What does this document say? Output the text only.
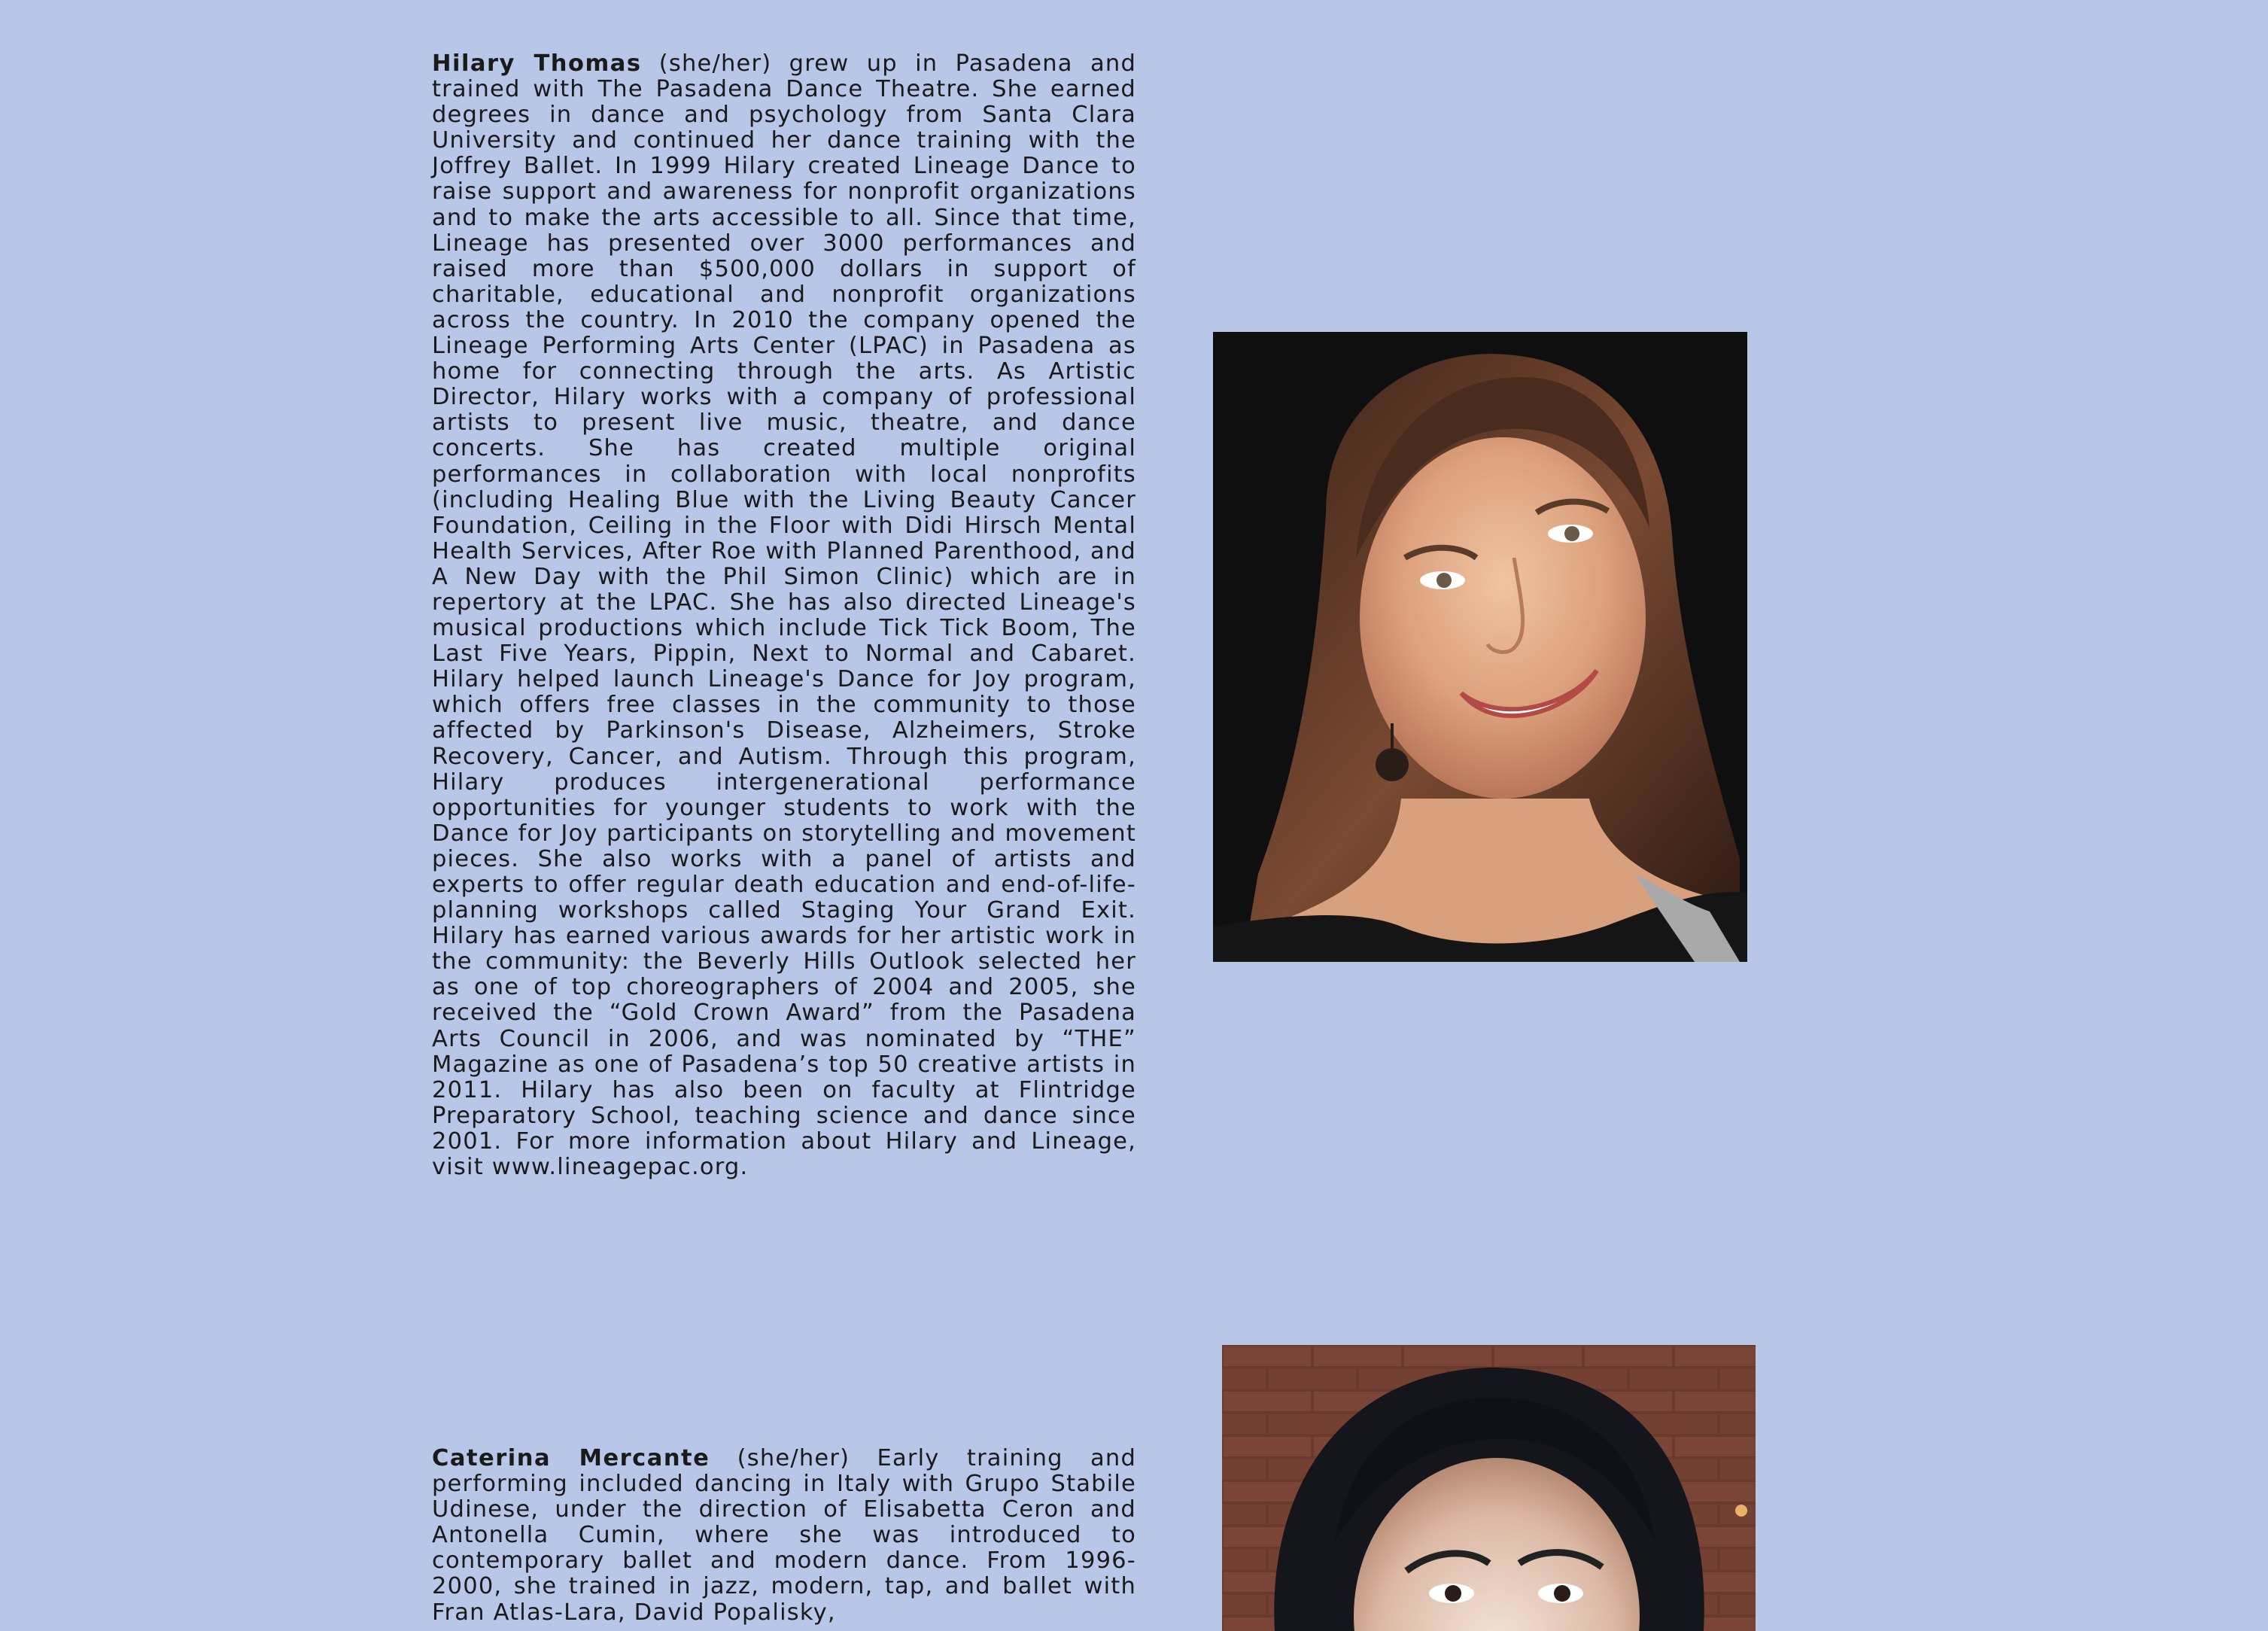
Hilary Thomas (she/her) grew up in Pasadena and trained with The Pasadena Dance Theatre. She earned degrees in dance and psychology from Santa Clara University and continued her dance training with the Joffrey Ballet. In 1999 Hilary created Lineage Dance to raise support and awareness for nonprofit organizations and to make the arts accessible to all. Since that time, Lineage has presented over 3000 performances and raised more than $500,000 dollars in support of charitable, educational and nonprofit organizations across the country. In 2010 the company opened the Lineage Performing Arts Center (LPAC) in Pasadena as home for connecting through the arts. As Artistic Director, Hilary works with a company of professional artists to present live music, theatre, and dance concerts. She has created multiple original performances in collaboration with local nonprofits (including Healing Blue with the Living Beauty Cancer Foundation, Ceiling in the Floor with Didi Hirsch Mental Health Services, After Roe with Planned Parenthood, and A New Day with the Phil Simon Clinic) which are in repertory at the LPAC. She has also directed Lineage's musical productions which include Tick Tick Boom, The Last Five Years, Pippin, Next to Normal and Cabaret. Hilary helped launch Lineage's Dance for Joy program, which offers free classes in the community to those affected by Parkinson's Disease, Alzheimers, Stroke Recovery, Cancer, and Autism. Through this program, Hilary produces intergenerational performance opportunities for younger students to work with the Dance for Joy participants on storytelling and movement pieces. She also works with a panel of artists and experts to offer regular death education and end-of-life-planning workshops called Staging Your Grand Exit. Hilary has earned various awards for her artistic work in the community: the Beverly Hills Outlook selected her as one of top choreographers of 2004 and 2005, she received the “Gold Crown Award” from the Pasadena Arts Council in 2006, and was nominated by “THE” Magazine as one of Pasadena’s top 50 creative artists in 2011. Hilary has also been on faculty at Flintridge Preparatory School, teaching science and dance since 2001. For more information about Hilary and Lineage, visit www.lineagepac.org.

Caterina Mercante (she/her) Early training and performing included dancing in Italy with Grupo Stabile Udinese, under the direction of Elisabetta Ceron and Antonella Cumin, where she was introduced to contemporary ballet and modern dance. From 1996-2000, she trained in jazz, modern, tap, and ballet with Fran Atlas-Lara, David Popalisky,
